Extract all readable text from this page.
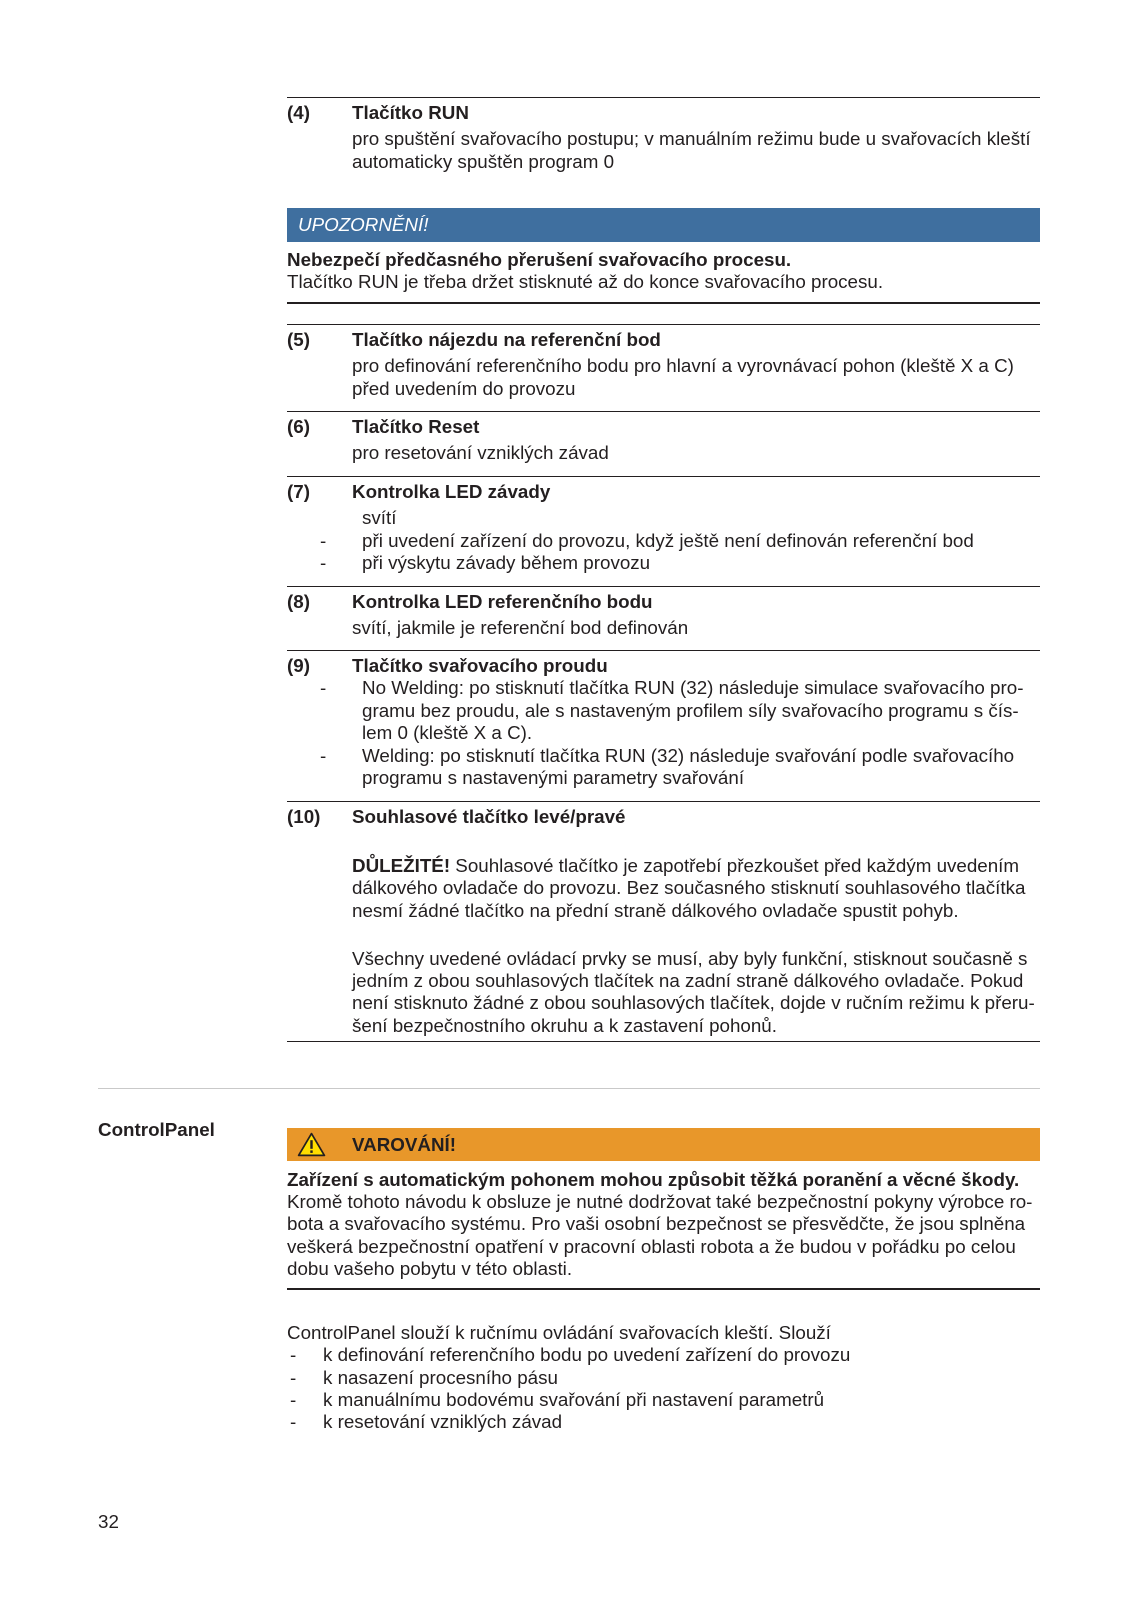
(4) Tlačítko RUN
pro spuštění svařovacího postupu; v manuálním režimu bude u svařovacích kleští
automaticky spuštěn program 0
UPOZORNĚNÍ!
Nebezpečí předčasného přerušení svařovacího procesu.
Tlačítko RUN je třeba držet stisknuté až do konce svařovacího procesu.
(5) Tlačítko nájezdu na referenční bod
pro definování referenčního bodu pro hlavní a vyrovnávací pohon (kleště X a C)
před uvedením do provozu
(6) Tlačítko Reset
pro resetování vzniklých závad
(7) Kontrolka LED závady
svítí
- při uvedení zařízení do provozu, když ještě není definován referenční bod
- při výskytu závady během provozu
(8) Kontrolka LED referenčního bodu
svítí, jakmile je referenční bod definován
(9) Tlačítko svařovacího proudu
- No Welding: po stisknutí tlačítka RUN (32) následuje simulace svařovacího pro-
gramu bez proudu, ale s nastaveným profilem síly svařovacího programu s čís-
lem 0 (kleště X a C).
- Welding: po stisknutí tlačítka RUN (32) následuje svařování podle svařovacího
programu s nastavenými parametry svařování
(10) Souhlasové tlačítko levé/pravé
DŮLEŽITÉ! Souhlasové tlačítko je zapotřebí přezkoušet před každým uvedením
dálkového ovladače do provozu. Bez současného stisknutí souhlasového tlačítka
nesmí žádné tlačítko na přední straně dálkového ovladače spustit pohyb.
Všechny uvedené ovládací prvky se musí, aby byly funkční, stisknout současně s
jedním z obou souhlasových tlačítek na zadní straně dálkového ovladače. Pokud
není stisknuto žádné z obou souhlasových tlačítek, dojde v ručním režimu k přeru-
šení bezpečnostního okruhu a k zastavení pohonů.
ControlPanel
VAROVÁNÍ!
Zařízení s automatickým pohonem mohou způsobit těžká poranění a věcné škody.
Kromě tohoto návodu k obsluze je nutné dodržovat také bezpečnostní pokyny výrobce ro-
bota a svařovacího systému. Pro vaši osobní bezpečnost se přesvědčte, že jsou splněna
veškerá bezpečnostní opatření v pracovní oblasti robota a že budou v pořádku po celou
dobu vašeho pobytu v této oblasti.
ControlPanel slouží k ručnímu ovládání svařovacích kleští. Slouží
- k definování referenčního bodu po uvedení zařízení do provozu
- k nasazení procesního pásu
- k manuálnímu bodovému svařování při nastavení parametrů
- k resetování vzniklých závad
32
